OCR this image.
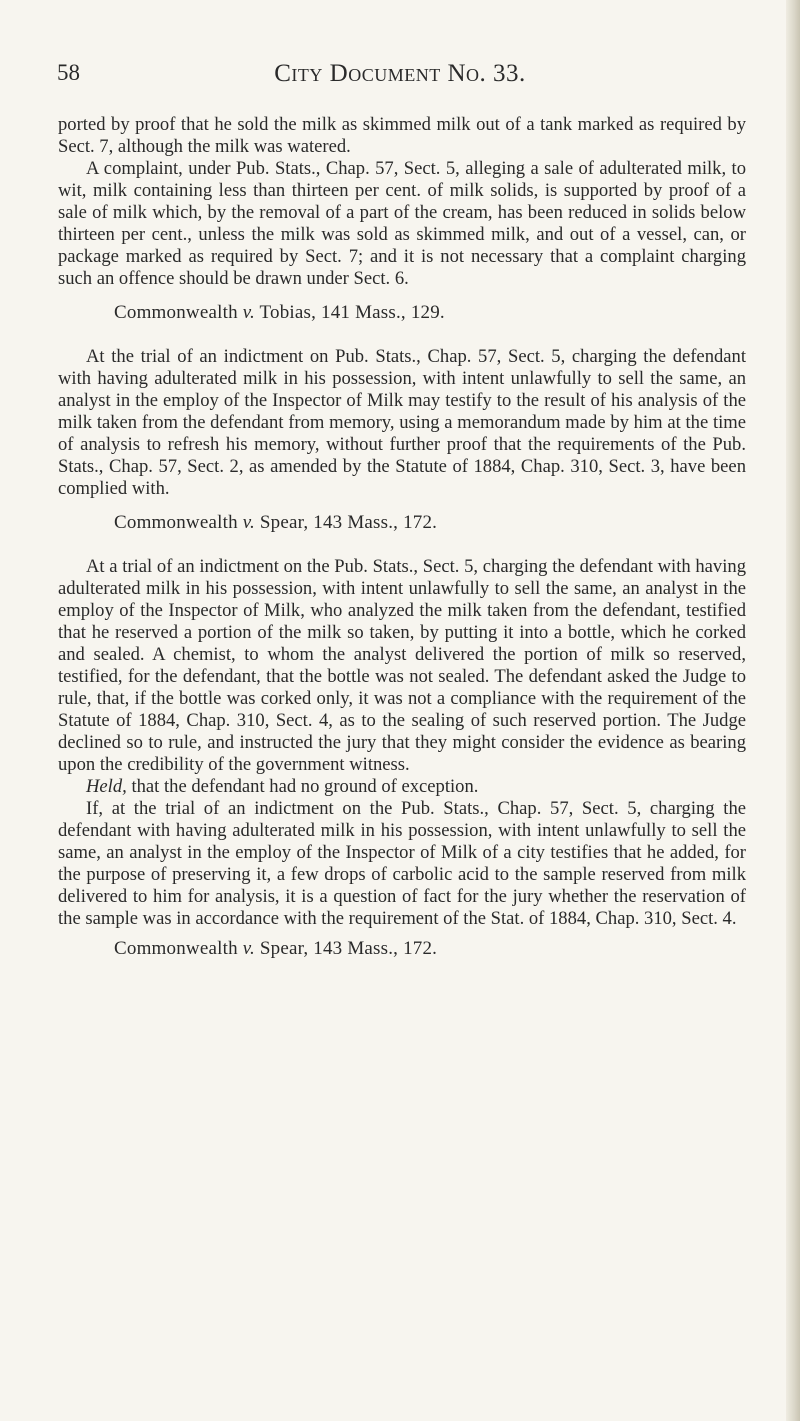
58	City Document No. 33.

ported by proof that he sold the milk as skimmed milk out of a tank marked as required by Sect. 7, although the milk was watered.

A complaint, under Pub. Stats., Chap. 57, Sect. 5, alleging a sale of adulterated milk, to wit, milk containing less than thirteen per cent. of milk solids, is supported by proof of a sale of milk which, by the removal of a part of the cream, has been reduced in solids below thirteen per cent., unless the milk was sold as skimmed milk, and out of a vessel, can, or package marked as required by Sect. 7; and it is not necessary that a complaint charging such an offence should be drawn under Sect. 6.

Commonwealth v. Tobias, 141 Mass., 129.

At the trial of an indictment on Pub. Stats., Chap. 57, Sect. 5, charging the defendant with having adulterated milk in his possession, with intent unlawfully to sell the same, an analyst in the employ of the Inspector of Milk may testify to the result of his analysis of the milk taken from the defendant from memory, using a memorandum made by him at the time of analysis to refresh his memory, without further proof that the requirements of the Pub. Stats., Chap. 57, Sect. 2, as amended by the Statute of 1884, Chap. 310, Sect. 3, have been complied with.

Commonwealth v. Spear, 143 Mass., 172.

At a trial of an indictment on the Pub. Stats., Sect. 5, charging the defendant with having adulterated milk in his possession, with intent unlawfully to sell the same, an analyst in the employ of the Inspector of Milk, who analyzed the milk taken from the defendant, testified that he reserved a portion of the milk so taken, by putting it into a bottle, which he corked and sealed. A chemist, to whom the analyst delivered the portion of milk so reserved, testified, for the defendant, that the bottle was not sealed. The defendant asked the Judge to rule, that, if the bottle was corked only, it was not a compliance with the requirement of the Statute of 1884, Chap. 310, Sect. 4, as to the sealing of such reserved portion. The Judge declined so to rule, and instructed the jury that they might consider the evidence as bearing upon the credibility of the government witness.

Held, that the defendant had no ground of exception.

If, at the trial of an indictment on the Pub. Stats., Chap. 57, Sect. 5, charging the defendant with having adulterated milk in his possession, with intent unlawfully to sell the same, an analyst in the employ of the Inspector of Milk of a city testifies that he added, for the purpose of preserving it, a few drops of carbolic acid to the sample reserved from milk delivered to him for analysis, it is a question of fact for the jury whether the reservation of the sample was in accordance with the requirement of the Stat. of 1884, Chap. 310, Sect. 4.

Commonwealth v. Spear, 143 Mass., 172.
